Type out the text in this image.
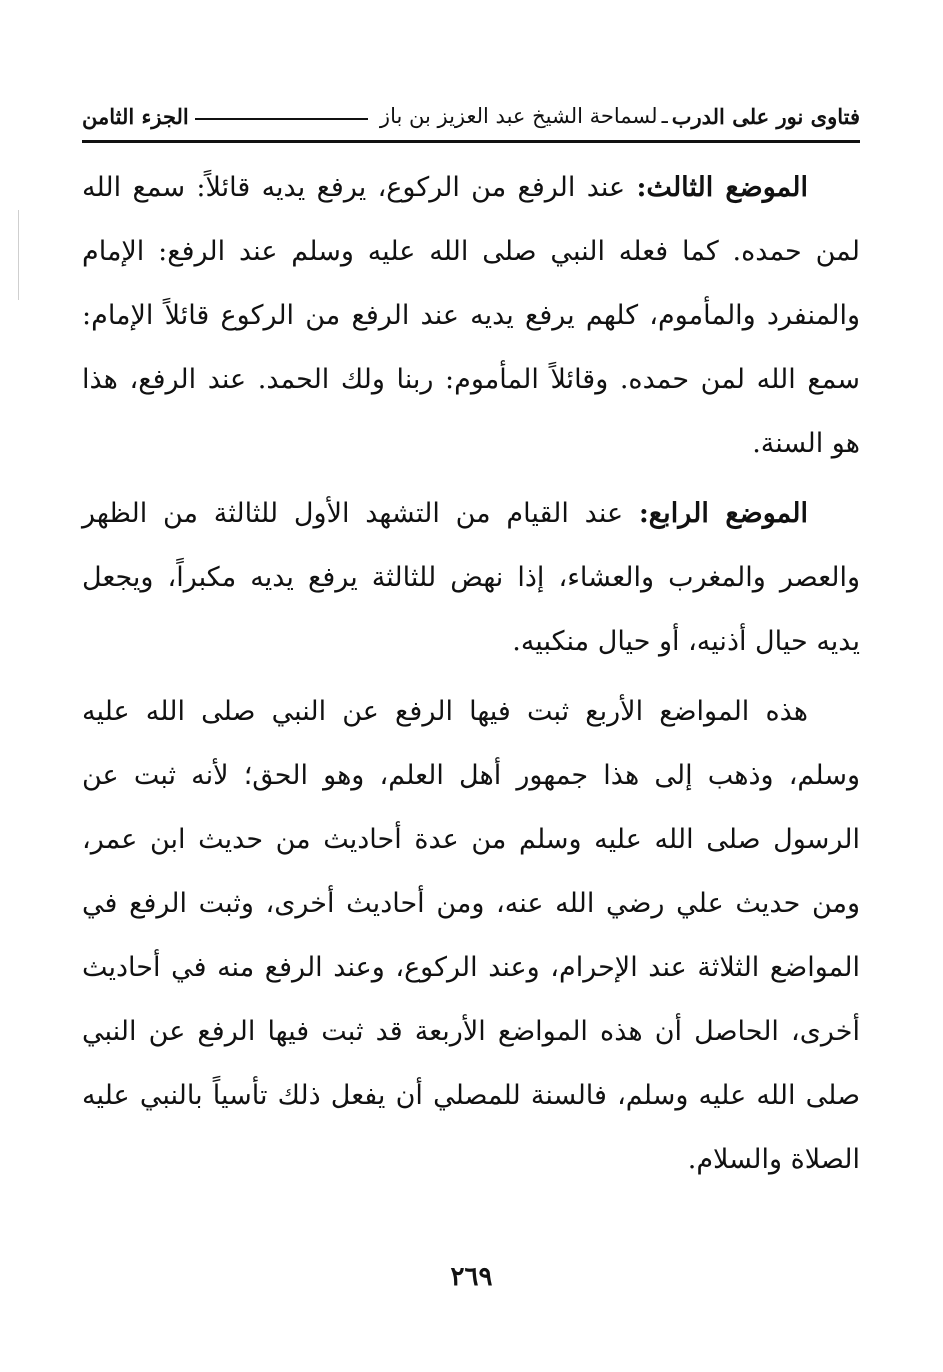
فتاوى نور على الدرب
ـ
لسماحة الشيخ عبد العزيز بن باز
الجزء الثامن

الموضع الثالث: عند الرفع من الركوع، يرفع يديه قائلاً: سمع الله لمن حمده. كما فعله النبي صلى الله عليه وسلم عند الرفع: الإمام والمنفرد والمأموم، كلهم يرفع يديه عند الرفع من الركوع قائلاً الإمام: سمع الله لمن حمده. وقائلاً المأموم: ربنا ولك الحمد. عند الرفع، هذا هو السنة.

الموضع الرابع: عند القيام من التشهد الأول للثالثة من الظهر والعصر والمغرب والعشاء، إذا نهض للثالثة يرفع يديه مكبراً، ويجعل يديه حيال أذنيه، أو حيال منكبيه.

هذه المواضع الأربع ثبت فيها الرفع عن النبي صلى الله عليه وسلم، وذهب إلى هذا جمهور أهل العلم، وهو الحق؛ لأنه ثبت عن الرسول صلى الله عليه وسلم من عدة أحاديث من حديث ابن عمر، ومن حديث علي رضي الله عنه، ومن أحاديث أخرى، وثبت الرفع في المواضع الثلاثة عند الإحرام، وعند الركوع، وعند الرفع منه في أحاديث أخرى، الحاصل أن هذه المواضع الأربعة قد ثبت فيها الرفع عن النبي صلى الله عليه وسلم، فالسنة للمصلي أن يفعل ذلك تأسياً بالنبي عليه الصلاة والسلام.

٢٦٩
